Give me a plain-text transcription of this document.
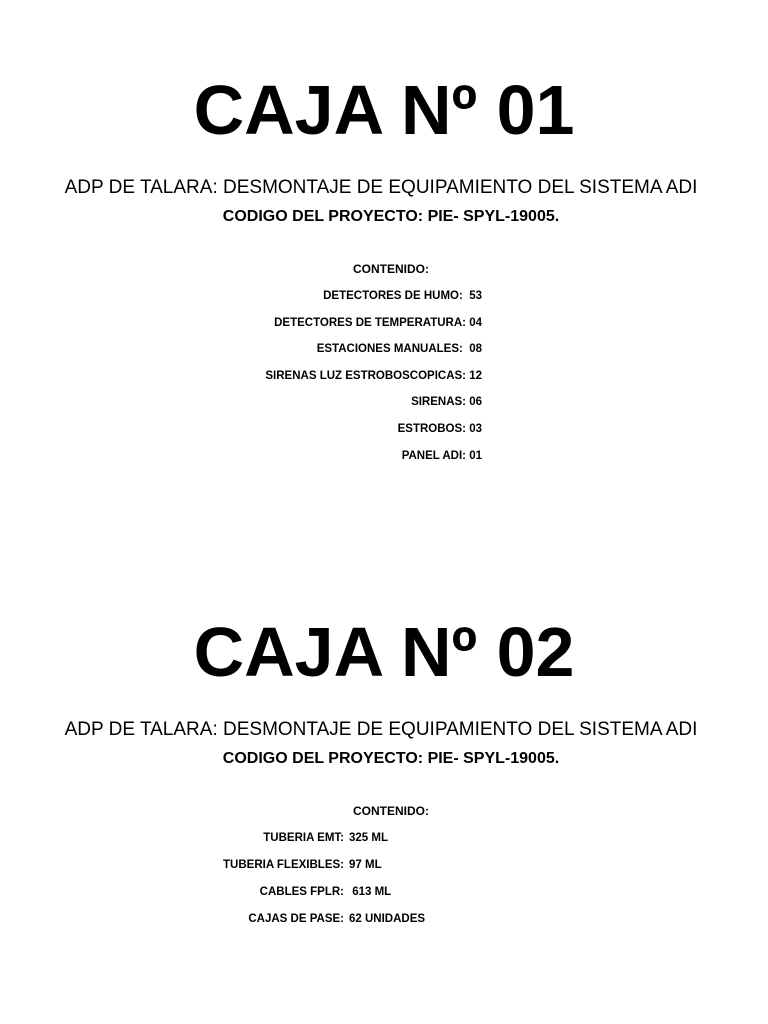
CAJA Nº 01

ADP DE TALARA: DESMONTAJE DE EQUIPAMIENTO DEL SISTEMA ADI

CODIGO DEL PROYECTO: PIE- SPYL-19005.

CONTENIDO:

DETECTORES DE HUMO:  53
DETECTORES DE TEMPERATURA: 04
ESTACIONES MANUALES:  08
SIRENAS LUZ ESTROBOSCOPICAS: 12
SIRENAS: 06
ESTROBOS: 03
PANEL ADI: 01
CAJA Nº 02

ADP DE TALARA: DESMONTAJE DE EQUIPAMIENTO DEL SISTEMA ADI

CODIGO DEL PROYECTO: PIE- SPYL-19005.

CONTENIDO:

TUBERIA EMT:

325 ML

TUBERIA FLEXIBLES:

97 ML

CABLES FPLR:

613 ML

CAJAS DE PASE:

62 UNIDADES
